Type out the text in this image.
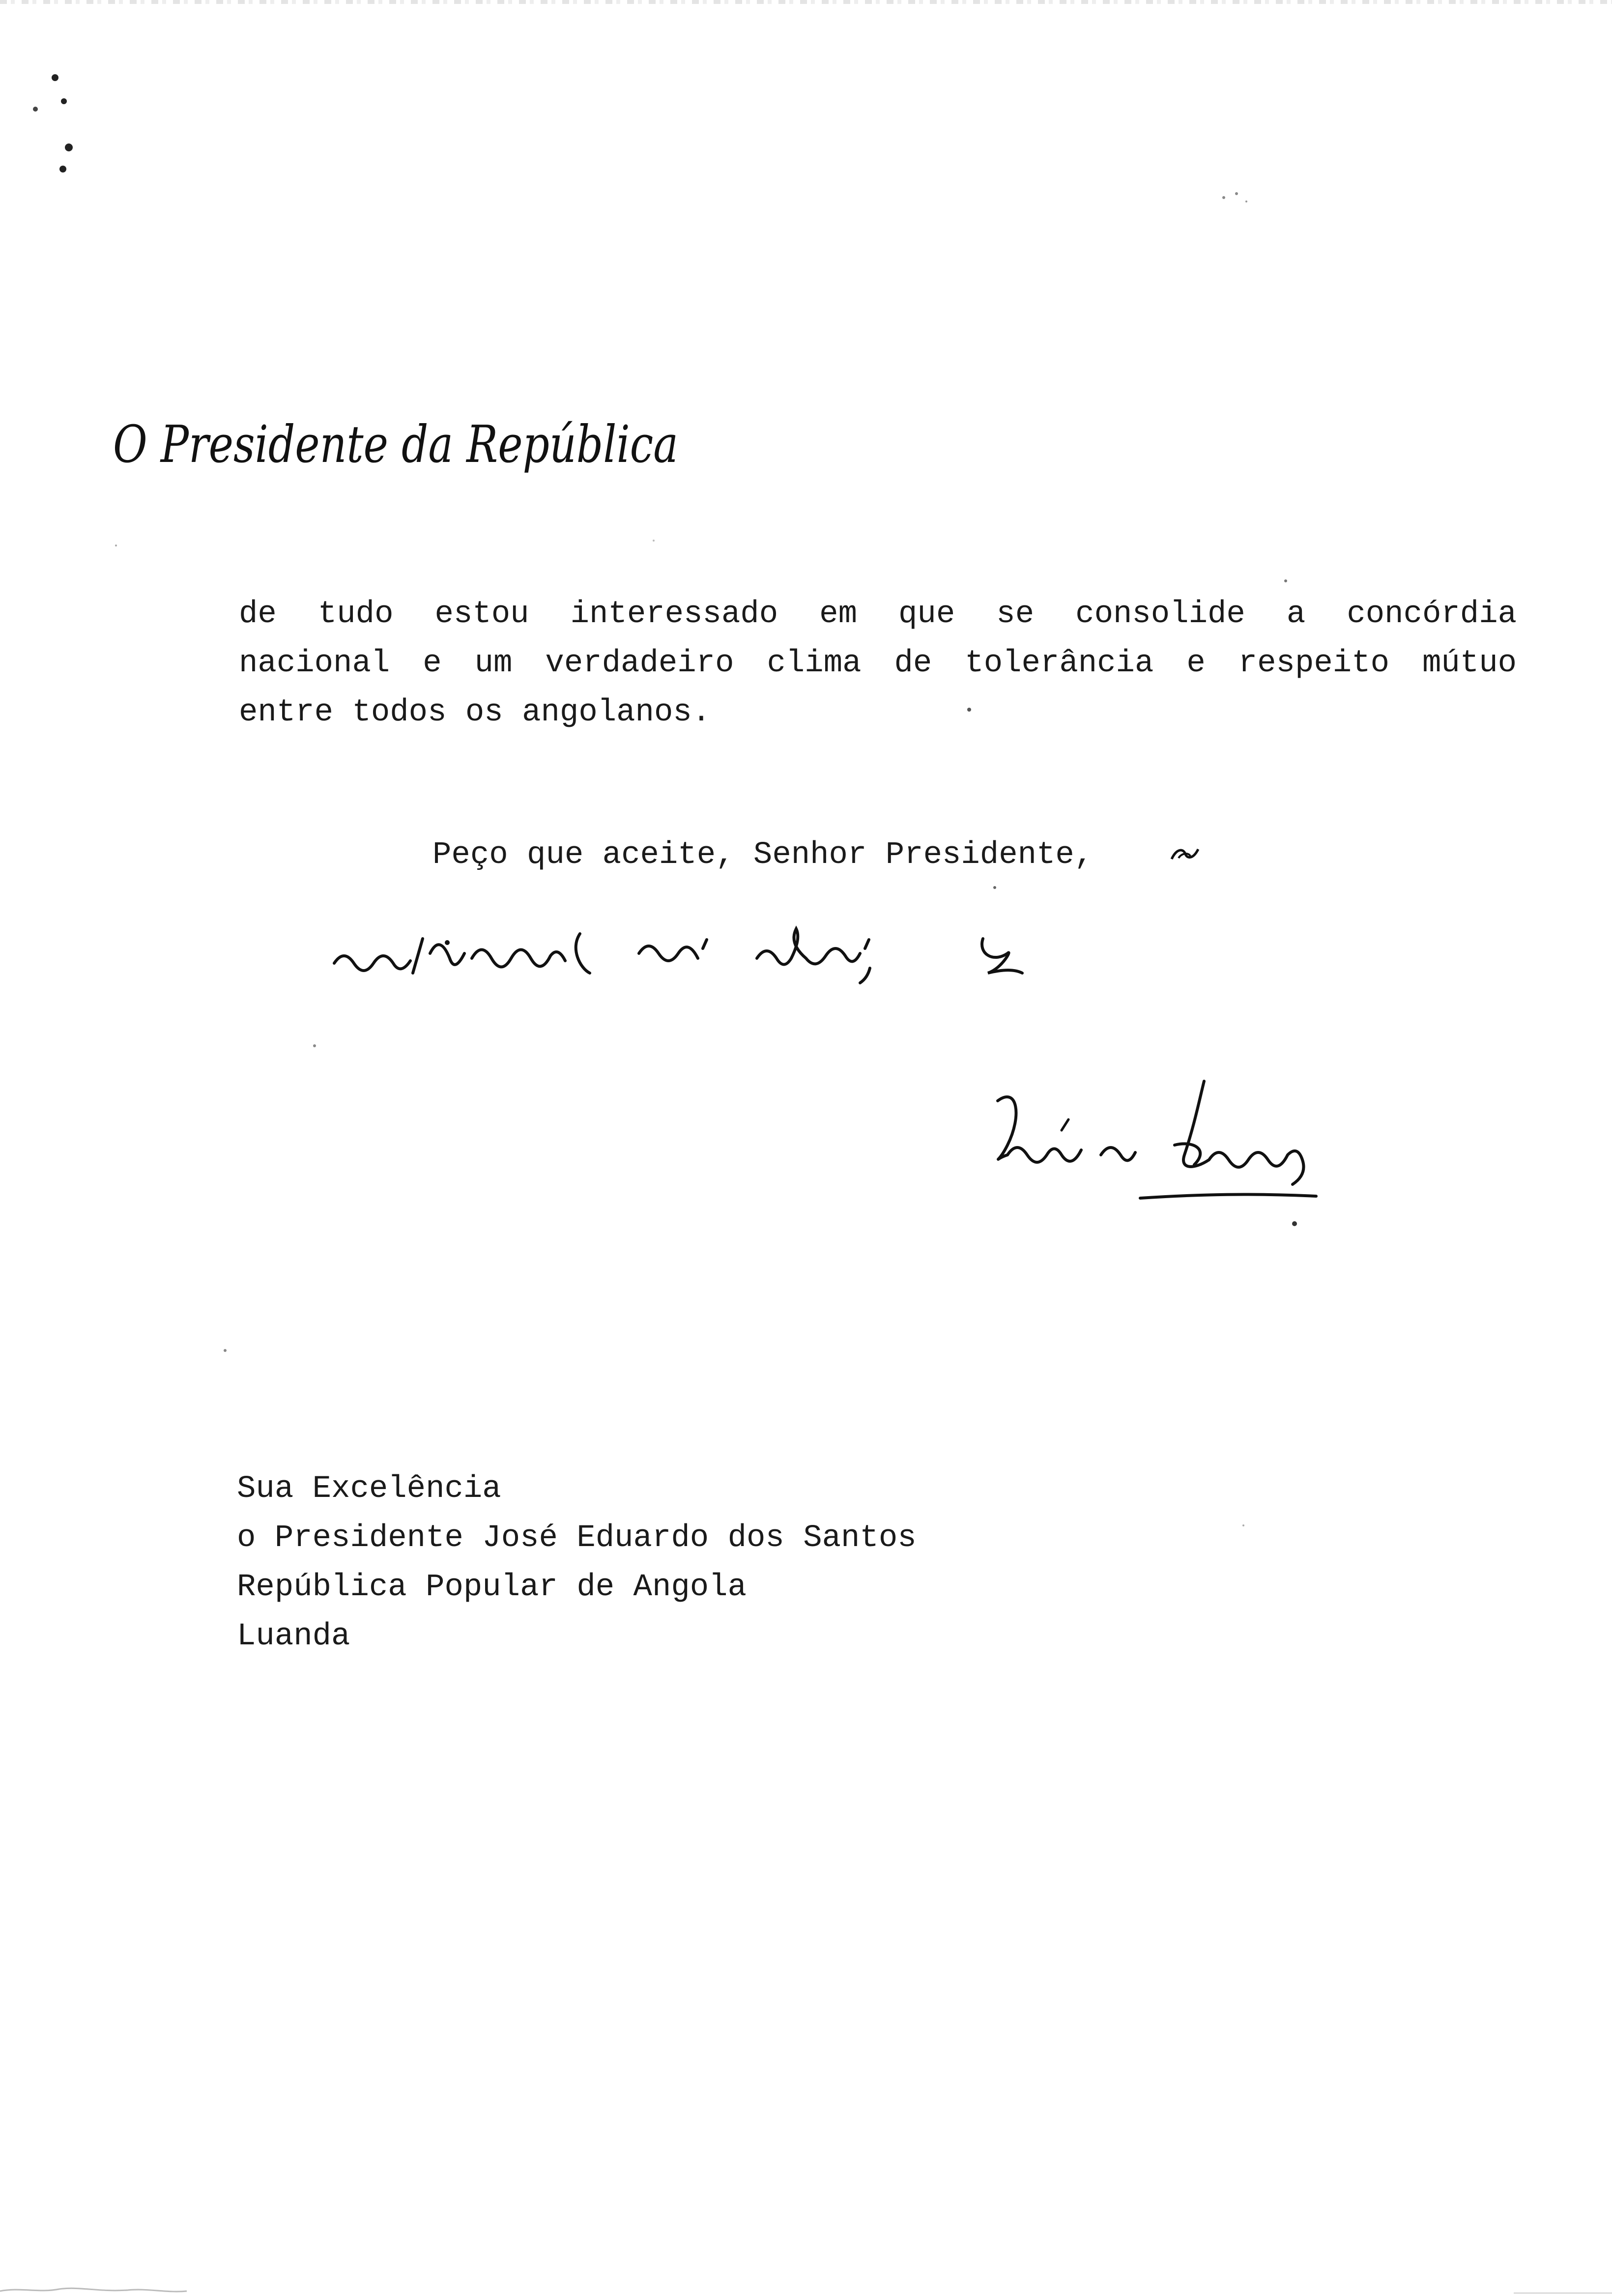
O Presidente da República
de tudo estou interessado em que se consolide a concórdia
nacional e um verdadeiro clima de tolerância e respeito mútuo
entre todos os angolanos.
Peço que aceite, Senhor Presidente,
Sua Excelência
o Presidente José Eduardo dos Santos
República Popular de Angola
Luanda
